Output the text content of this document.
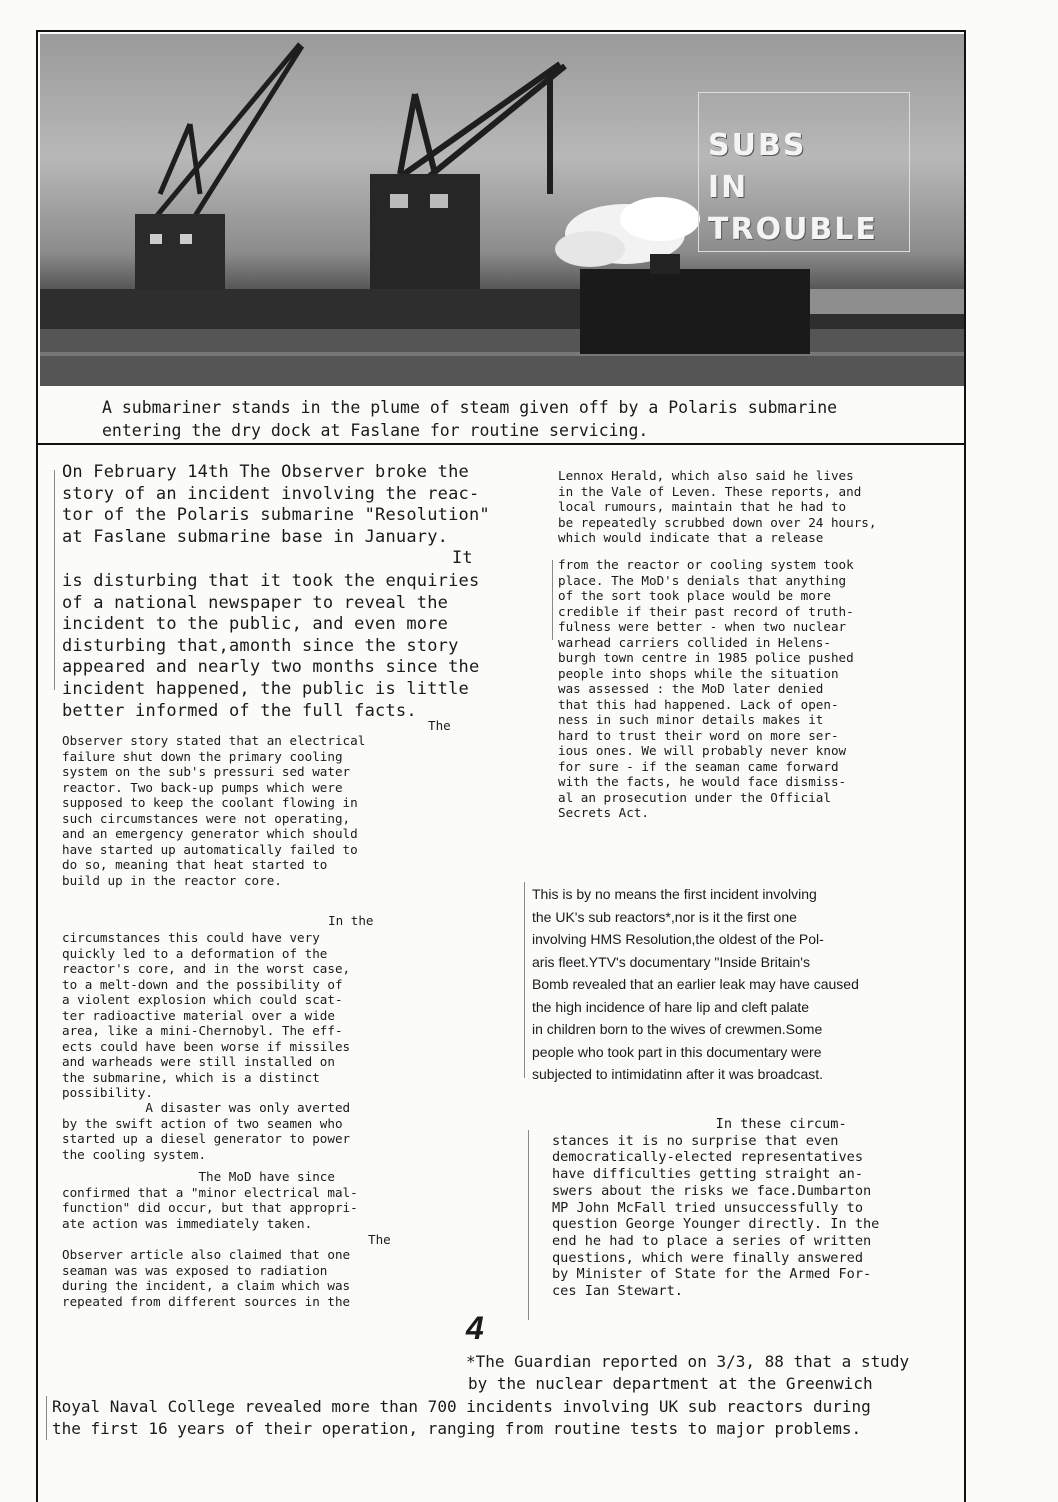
SUBS
IN
TROUBLE
A submariner stands in the plume of steam given off by a Polaris submarine
entering the dry dock at Faslane for routine servicing.
On February 14th The Observer broke the
story of an incident involving the reac-
tor of the Polaris submarine "Resolution"
at Faslane submarine base in January.
It
is disturbing that it took the enquiries
of a national newspaper to reveal the
incident to the public, and even more
disturbing that,amonth since the story
appeared and nearly two months since the
incident happened, the public is little
better informed of the full facts.
The
Observer story stated that an electrical
failure shut down the primary cooling
system on the sub's pressuri sed water
reactor. Two back-up pumps which were
supposed to keep the coolant flowing in
such circumstances were not operating,
and an emergency generator which should
have started up automatically failed to
do so, meaning that heat started to
build up in the reactor core.
In the
circumstances this could have very
quickly led to a deformation of the
reactor's core, and in the worst case,
to a melt-down and the possibility of
a violent explosion which could scat-
ter radioactive material over a wide
area, like a mini-Chernobyl. The eff-
ects could have been worse if missiles
and warheads were still installed on
the submarine, which is a distinct
possibility.
A disaster was only averted
by the swift action of two seamen who
started up a diesel generator to power
the cooling system.
The MoD have since
confirmed that a "minor electrical mal-
function" did occur, but that appropri-
ate action was immediately taken.
The
Observer article also claimed that one
seaman was was exposed to radiation
during the incident, a claim which was
repeated from different sources in the
Lennox Herald, which also said he lives
in the Vale of Leven. These reports, and
local rumours, maintain that he had to
be repeatedly scrubbed down over 24 hours,
which would indicate that a release
from the reactor or cooling system took
place. The MoD's denials that anything
of the sort took place would be more
credible if their past record of truth-
fulness were better - when two nuclear
warhead carriers collided in Helens-
burgh town centre in 1985 police pushed
people into shops while the situation
was assessed : the MoD later denied
that this had happened. Lack of open-
ness in such minor details makes it
hard to trust their word on more ser-
ious ones. We will probably never know
for sure - if the seaman came forward
with the facts, he would face dismiss-
al an prosecution under the Official
Secrets Act.
This is by no means the first incident involving
the UK's sub reactors*,nor is it the first one
involving HMS Resolution,the oldest of the Pol-
aris fleet.YTV's documentary "Inside Britain's
Bomb revealed that an earlier leak may have caused
the high incidence of hare lip and cleft palate
in children born to the wives of crewmen.Some
people who took part in this documentary were
subjected to intimidatinn after it was broadcast.
In these circum-
stances it is no surprise that even
democratically-elected representatives
have difficulties getting straight an-
swers about the risks we face.Dumbarton
MP John McFall tried unsuccessfully to
question George Younger directly. In the
end he had to place a series of written
questions, which were finally answered
by Minister of State for the Armed For-
ces Ian Stewart.
4
*The Guardian reported on 3/3, 88 that a study
by the nuclear department at the Greenwich
Royal Naval College revealed more than 700 incidents involving UK sub reactors during
the first 16 years of their operation, ranging from routine tests to major problems.
